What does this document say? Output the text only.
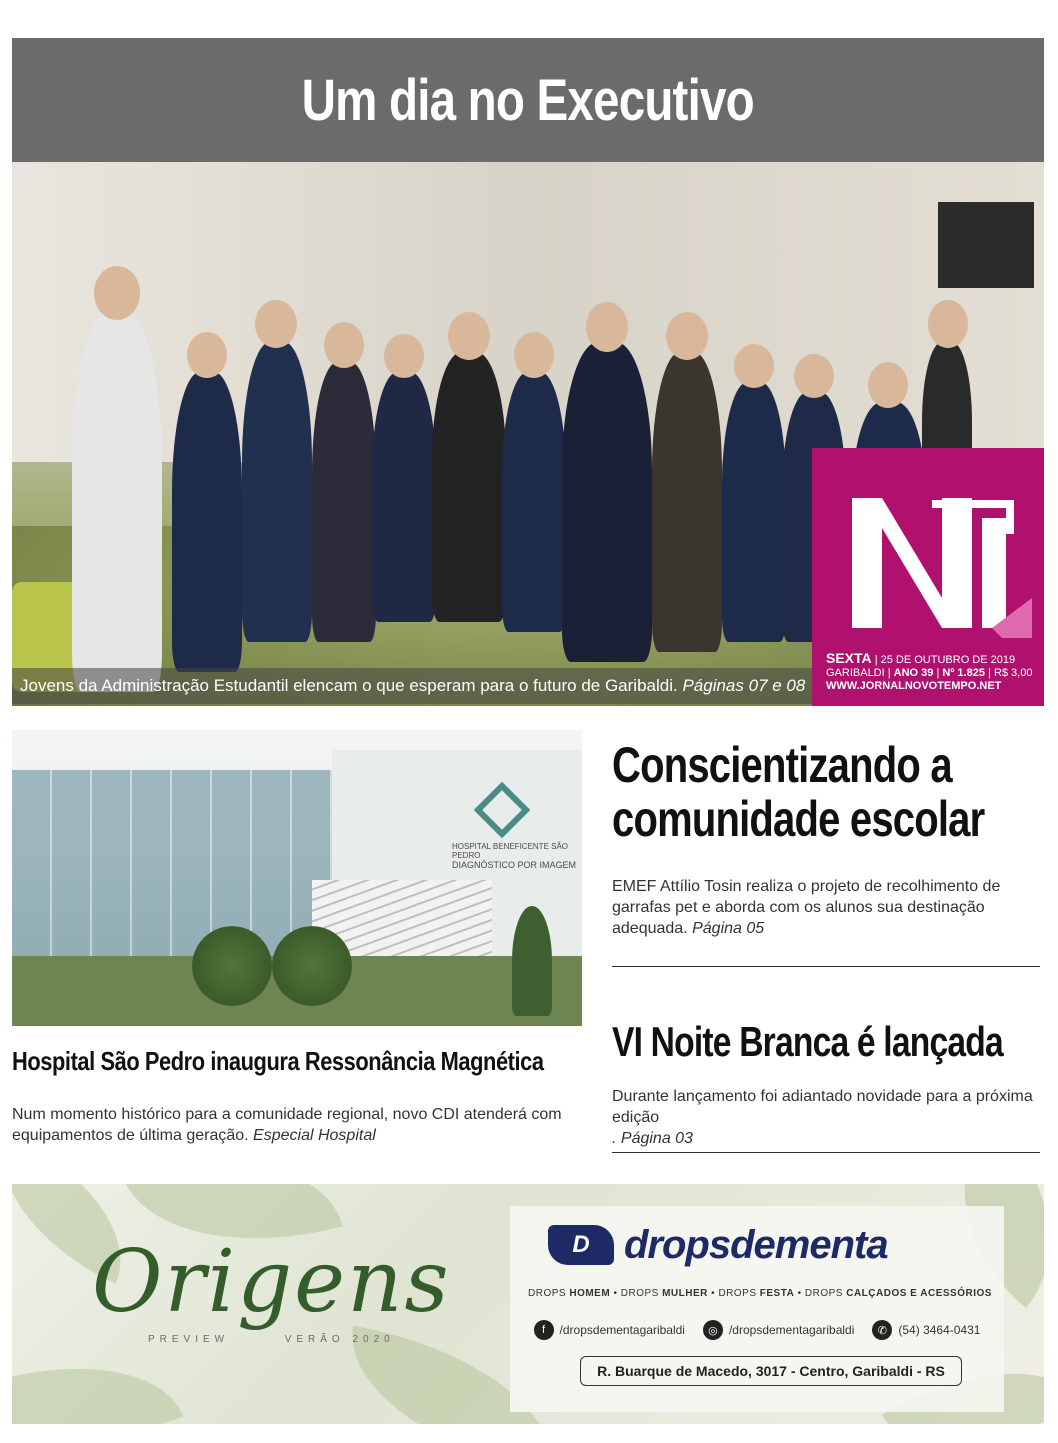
Um dia no Executivo
Jovens da Administração Estudantil elencam o que esperam para o futuro de Garibaldi. Páginas 07 e 08
SEXTA | 25 DE OUTUBRO DE 2019
GARIBALDI | ANO 39 | Nº 1.825 | R$ 3,00
WWW.JORNALNOVOTEMPO.NET
HOSPITAL BENEFICENTE SÃO PEDRO
DIAGNÓSTICO POR IMAGEM
Hospital São Pedro inaugura Ressonância Magnética
Num momento histórico para a comunidade regional, novo CDI atenderá com equipamentos de última geração. Especial Hospital
Conscientizando a
comunidade escolar
EMEF Attílio Tosin realiza o projeto de recolhimento de garrafas pet e aborda com os alunos sua destinação adequada. Página 05
VI Noite Branca é lançada
Durante lançamento foi adiantado novidade para a próxima edição
. Página 03
Origens
PREVIEW	VERÃO 2020
D dropsdementa
DROPS HOMEM • DROPS MULHER • DROPS FESTA • DROPS CALÇADOS E ACESSÓRIOS
f	/dropsdementagaribaldi	◎ /dropsdementagaribaldi	✆ (54) 3464-0431
R. Buarque de Macedo, 3017 - Centro, Garibaldi - RS
